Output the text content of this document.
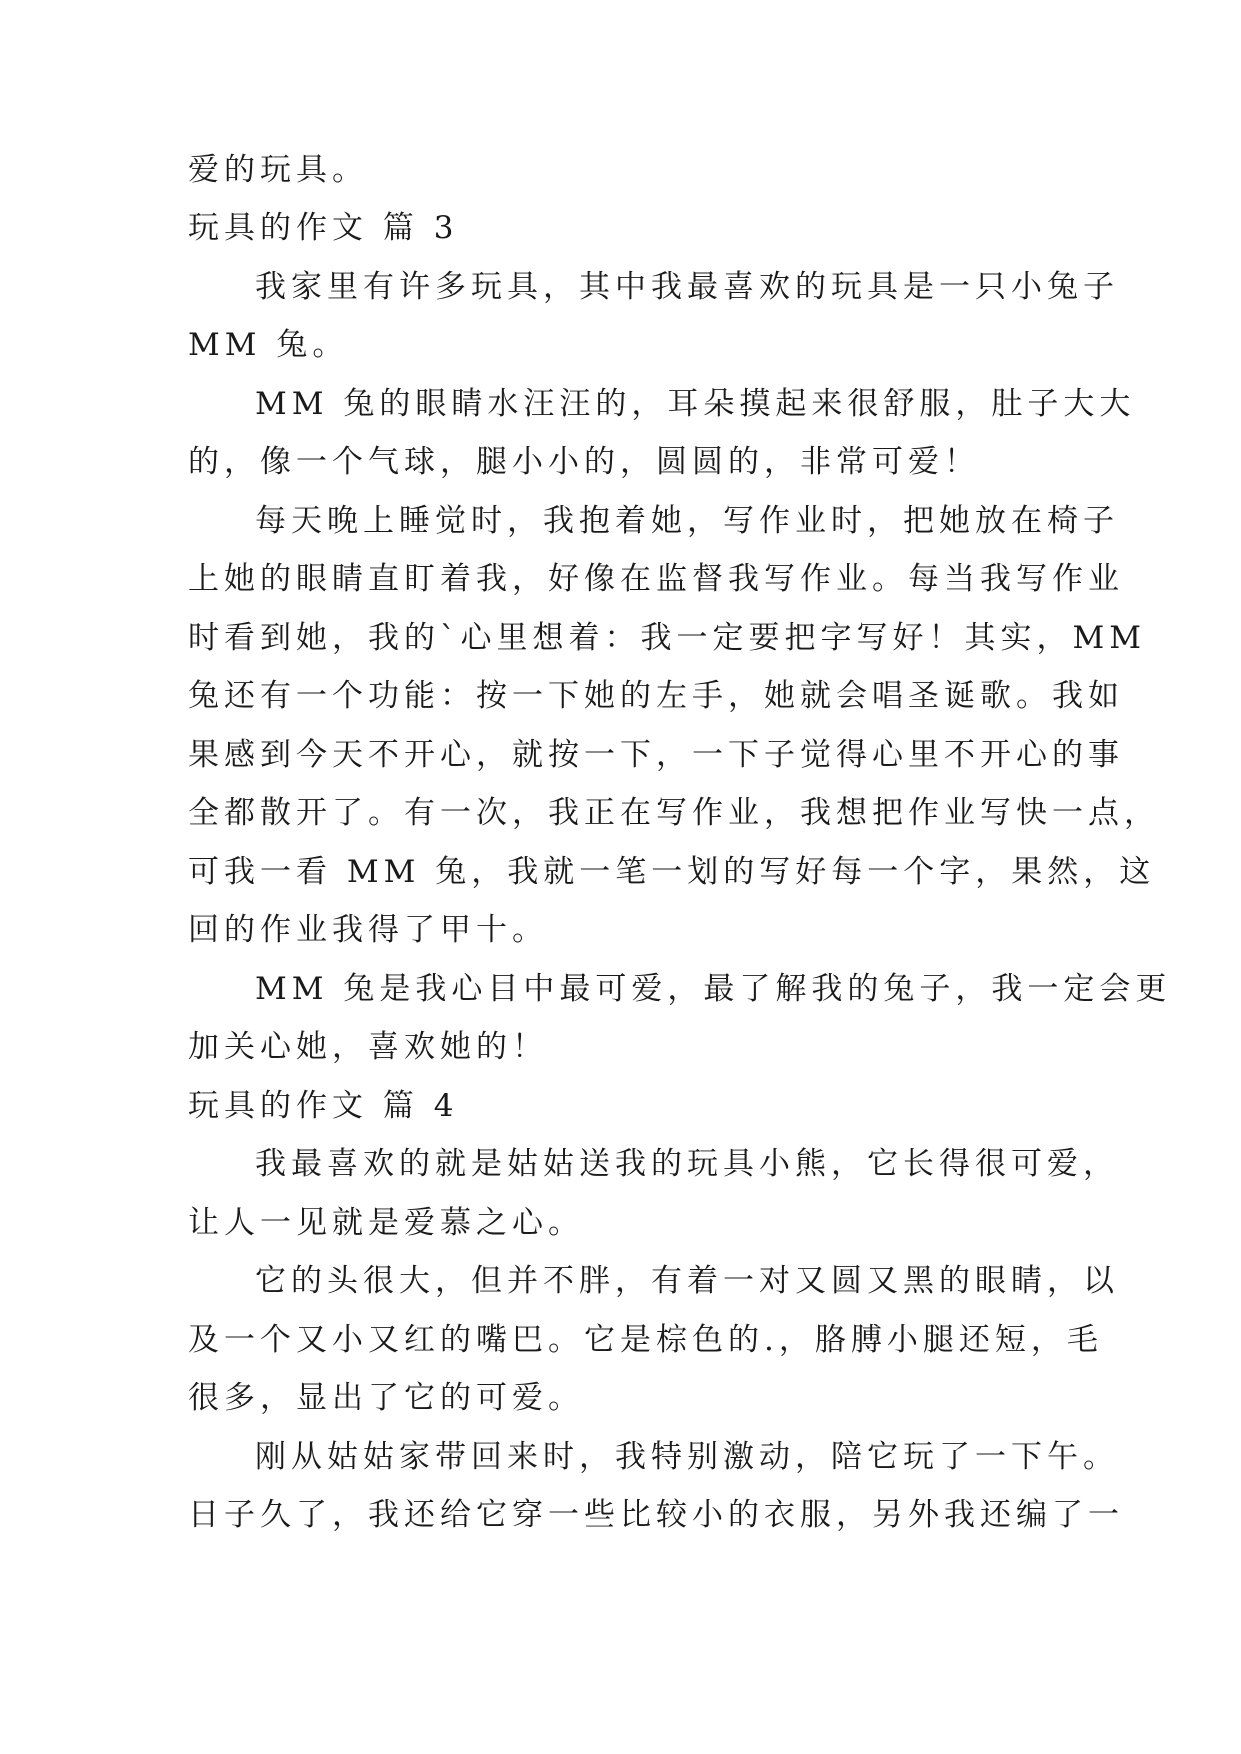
爱的玩具。
玩具的作文 篇 3
我家里有许多玩具，其中我最喜欢的玩具是一只小兔子
MM 兔。
MM 兔的眼睛水汪汪的，耳朵摸起来很舒服，肚子大大
的，像一个气球，腿小小的，圆圆的，非常可爱！
每天晚上睡觉时，我抱着她，写作业时，把她放在椅子
上她的眼睛直盯着我，好像在监督我写作业。每当我写作业
时看到她，我的`心里想着：我一定要把字写好！其实，MM
兔还有一个功能：按一下她的左手，她就会唱圣诞歌。我如
果感到今天不开心，就按一下，一下子觉得心里不开心的事
全都散开了。有一次，我正在写作业，我想把作业写快一点，
可我一看 MM 兔，我就一笔一划的写好每一个字，果然，这
回的作业我得了甲十。
MM 兔是我心目中最可爱，最了解我的兔子，我一定会更
加关心她，喜欢她的！
玩具的作文 篇 4
我最喜欢的就是姑姑送我的玩具小熊，它长得很可爱，
让人一见就是爱慕之心。
它的头很大，但并不胖，有着一对又圆又黑的眼睛，以
及一个又小又红的嘴巴。它是棕色的.，胳膊小腿还短，毛
很多，显出了它的可爱。
刚从姑姑家带回来时，我特别激动，陪它玩了一下午。
日子久了，我还给它穿一些比较小的衣服，另外我还编了一
